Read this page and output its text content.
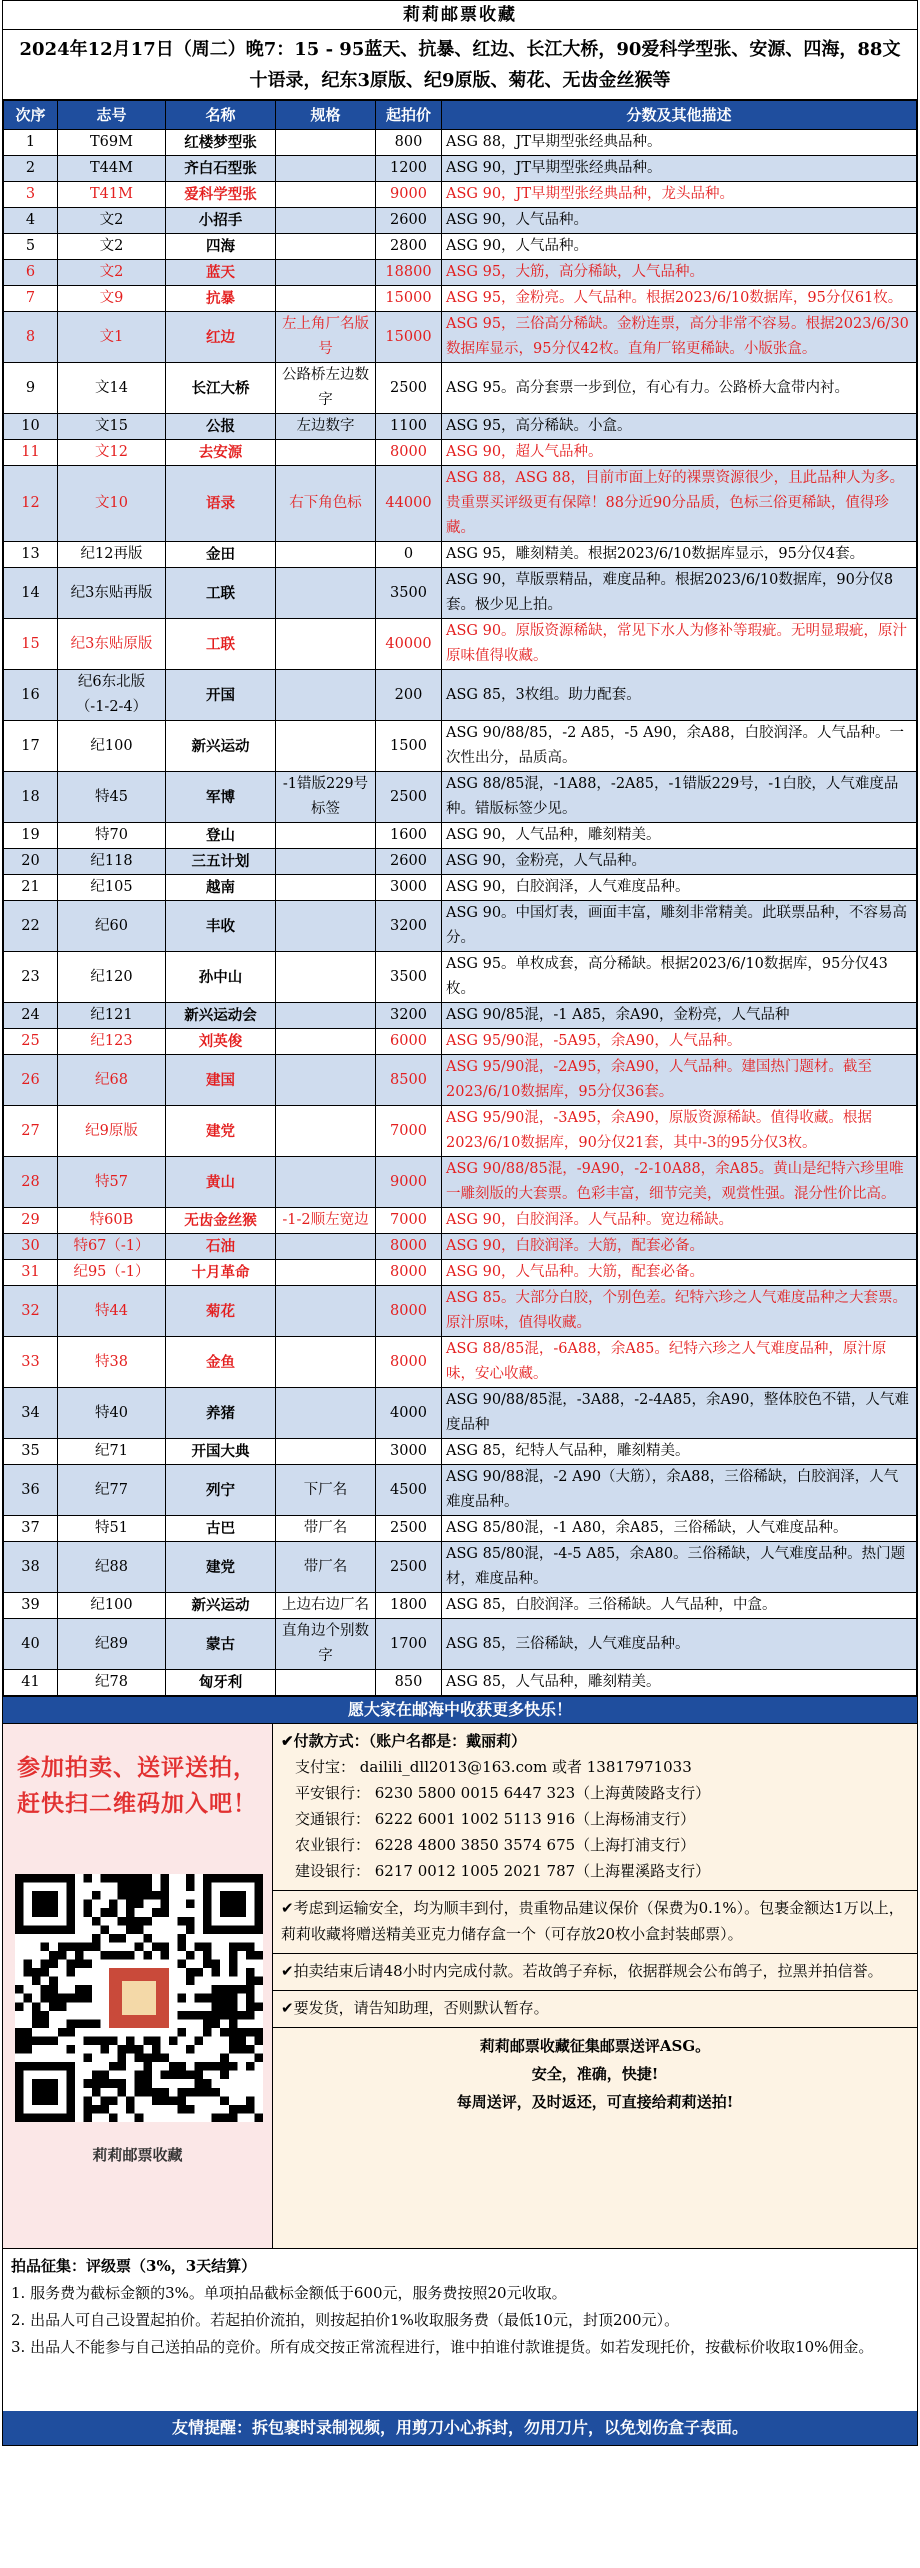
莉莉邮票收藏
2024年12月17日（周二）晚7：15 - 95蓝天、抗暴、红边、长江大桥，90爱科学型张、安源、四海，88文十语录，纪东3原版、纪9原版、菊花、无齿金丝猴等
次序	志号	名称	规格	起拍价	分数及其他描述
1	T69M	红楼梦型张		800	ASG 88，JT早期型张经典品种。
2	T44M	齐白石型张		1200	ASG 90，JT早期型张经典品种。
3	T41M	爱科学型张		9000	ASG 90，JT早期型张经典品种，龙头品种。
4	文2	小招手		2600	ASG 90，人气品种。
5	文2	四海		2800	ASG 90，人气品种。
6	文2	蓝天		18800	ASG 95，大筋，高分稀缺，人气品种。
7	文9	抗暴		15000	ASG 95，金粉亮。人气品种。根据2023/6/10数据库，95分仅61枚。
8	文1	红边	左上角厂名版号	15000	ASG 95，三俗高分稀缺。金粉连票，高分非常不容易。根据2023/6/30数据库显示，95分仅42枚。直角厂铭更稀缺。小版张盒。
9	文14	长江大桥	公路桥左边数字	2500	ASG 95。高分套票一步到位，有心有力。公路桥大盒带内衬。
10	文15	公报	左边数字	1100	ASG 95，高分稀缺。小盒。
11	文12	去安源		8000	ASG 90，超人气品种。
12	文10	语录	右下角色标	44000	ASG 88，ASG 88，目前市面上好的裸票资源很少，且此品种人为多。贵重票买评级更有保障！88分近90分品质，色标三俗更稀缺，值得珍藏。
13	纪12再版	金田		0	ASG 95，雕刻精美。根据2023/6/10数据库显示，95分仅4套。
14	纪3东贴再版	工联		3500	ASG 90，草版票精品，难度品种。根据2023/6/10数据库，90分仅8套。极少见上拍。
15	纪3东贴原版	工联		40000	ASG 90。原版资源稀缺，常见下水人为修补等瑕疵。无明显瑕疵，原汁原味值得收藏。
16	纪6东北版（-1-2-4）	开国		200	ASG 85，3枚组。助力配套。
17	纪100	新兴运动		1500	ASG 90/88/85，-2 A85，-5 A90，余A88，白胶润泽。人气品种。一次性出分，品质高。
18	特45	军博	-1错版229号标签	2500	ASG 88/85混，-1A88，-2A85，-1错版229号，-1白胶，人气难度品种。错版标签少见。
19	特70	登山		1600	ASG 90，人气品种，雕刻精美。
20	纪118	三五计划		2600	ASG 90，金粉亮，人气品种。
21	纪105	越南		3000	ASG 90，白胶润泽，人气难度品种。
22	纪60	丰收		3200	ASG 90。中国灯表，画面丰富，雕刻非常精美。此联票品种，不容易高分。
23	纪120	孙中山		3500	ASG 95。单枚成套，高分稀缺。根据2023/6/10数据库，95分仅43枚。
24	纪121	新兴运动会		3200	ASG 90/85混，-1 A85，余A90，金粉亮，人气品种
25	纪123	刘英俊		6000	ASG 95/90混，-5A95，余A90，人气品种。
26	纪68	建国		8500	ASG 95/90混，-2A95，余A90，人气品种。建国热门题材。截至2023/6/10数据库，95分仅36套。
27	纪9原版	建党		7000	ASG 95/90混，-3A95，余A90，原版资源稀缺。值得收藏。根据2023/6/10数据库，90分仅21套，其中-3的95分仅3枚。
28	特57	黄山		9000	ASG 90/88/85混，-9A90，-2-10A88，余A85。黄山是纪特六珍里唯一雕刻版的大套票。色彩丰富，细节完美，观赏性强。混分性价比高。
29	特60B	无齿金丝猴	-1-2顺左宽边	7000	ASG 90，白胶润泽。人气品种。宽边稀缺。
30	特67（-1）	石油		8000	ASG 90，白胶润泽。大筋，配套必备。
31	纪95（-1）	十月革命		8000	ASG 90，人气品种。大筋，配套必备。
32	特44	菊花		8000	ASG 85。大部分白胶，个别色差。纪特六珍之人气难度品种之大套票。原汁原味，值得收藏。
33	特38	金鱼		8000	ASG 88/85混，-6A88，余A85。纪特六珍之人气难度品种，原汁原味，安心收藏。
34	特40	养猪		4000	ASG 90/88/85混，-3A88，-2-4A85，余A90，整体胶色不错，人气难度品种
35	纪71	开国大典		3000	ASG 85，纪特人气品种，雕刻精美。
36	纪77	列宁	下厂名	4500	ASG 90/88混，-2 A90（大筋），余A88，三俗稀缺，白胶润泽，人气难度品种。
37	特51	古巴	带厂名	2500	ASG 85/80混，-1 A80，余A85，三俗稀缺，人气难度品种。
38	纪88	建党	带厂名	2500	ASG 85/80混，-4-5 A85，余A80。三俗稀缺，人气难度品种。热门题材，难度品种。
39	纪100	新兴运动	上边右边厂名	1800	ASG 85，白胶润泽。三俗稀缺。人气品种，中盒。
40	纪89	蒙古	直角边个别数字	1700	ASG 85，三俗稀缺，人气难度品种。
41	纪78	匈牙利		850	ASG 85，人气品种，雕刻精美。
愿大家在邮海中收获更多快乐！
参加拍卖、送评送拍，
赶快扫二维码加入吧！
莉莉邮票收藏
✔付款方式：（账户名都是：戴丽莉）
支付宝： daililі_dll2013@163.com 或者 13817971033
平安银行： 6230 5800 0015 6447 323（上海黄陵路支行）
交通银行： 6222 6001 1002 5113 916（上海杨浦支行）
农业银行： 6228 4800 3850 3574 675（上海打浦支行）
建设银行： 6217 0012 1005 2021 787（上海瞿溪路支行）
✔考虑到运输安全，均为顺丰到付，贵重物品建议保价（保费为0.1%）。包裹金额达1万以上，莉莉收藏将赠送精美亚克力储存盒一个（可存放20枚小盒封装邮票）。
✔拍卖结束后请48小时内完成付款。若故鸽子弃标，依据群规会公布鸽子，拉黑并拍信誉。
✔要发货，请告知助理，否则默认暂存。
莉莉邮票收藏征集邮票送评ASG。
安全，准确，快捷!
每周送评，及时返还，可直接给莉莉送拍!
拍品征集：评级票（3%，3天结算）
1. 服务费为截标金额的3%。单项拍品截标金额低于600元，服务费按照20元收取。
2. 出品人可自己设置起拍价。若起拍价流拍，则按起拍价1%收取服务费（最低10元，封顶200元）。
3. 出品人不能参与自己送拍品的竞价。所有成交按正常流程进行，谁中拍谁付款谁提货。如若发现托价，按截标价收取10%佣金。
友情提醒：拆包裹时录制视频，用剪刀小心拆封，勿用刀片，以免划伤盒子表面。
